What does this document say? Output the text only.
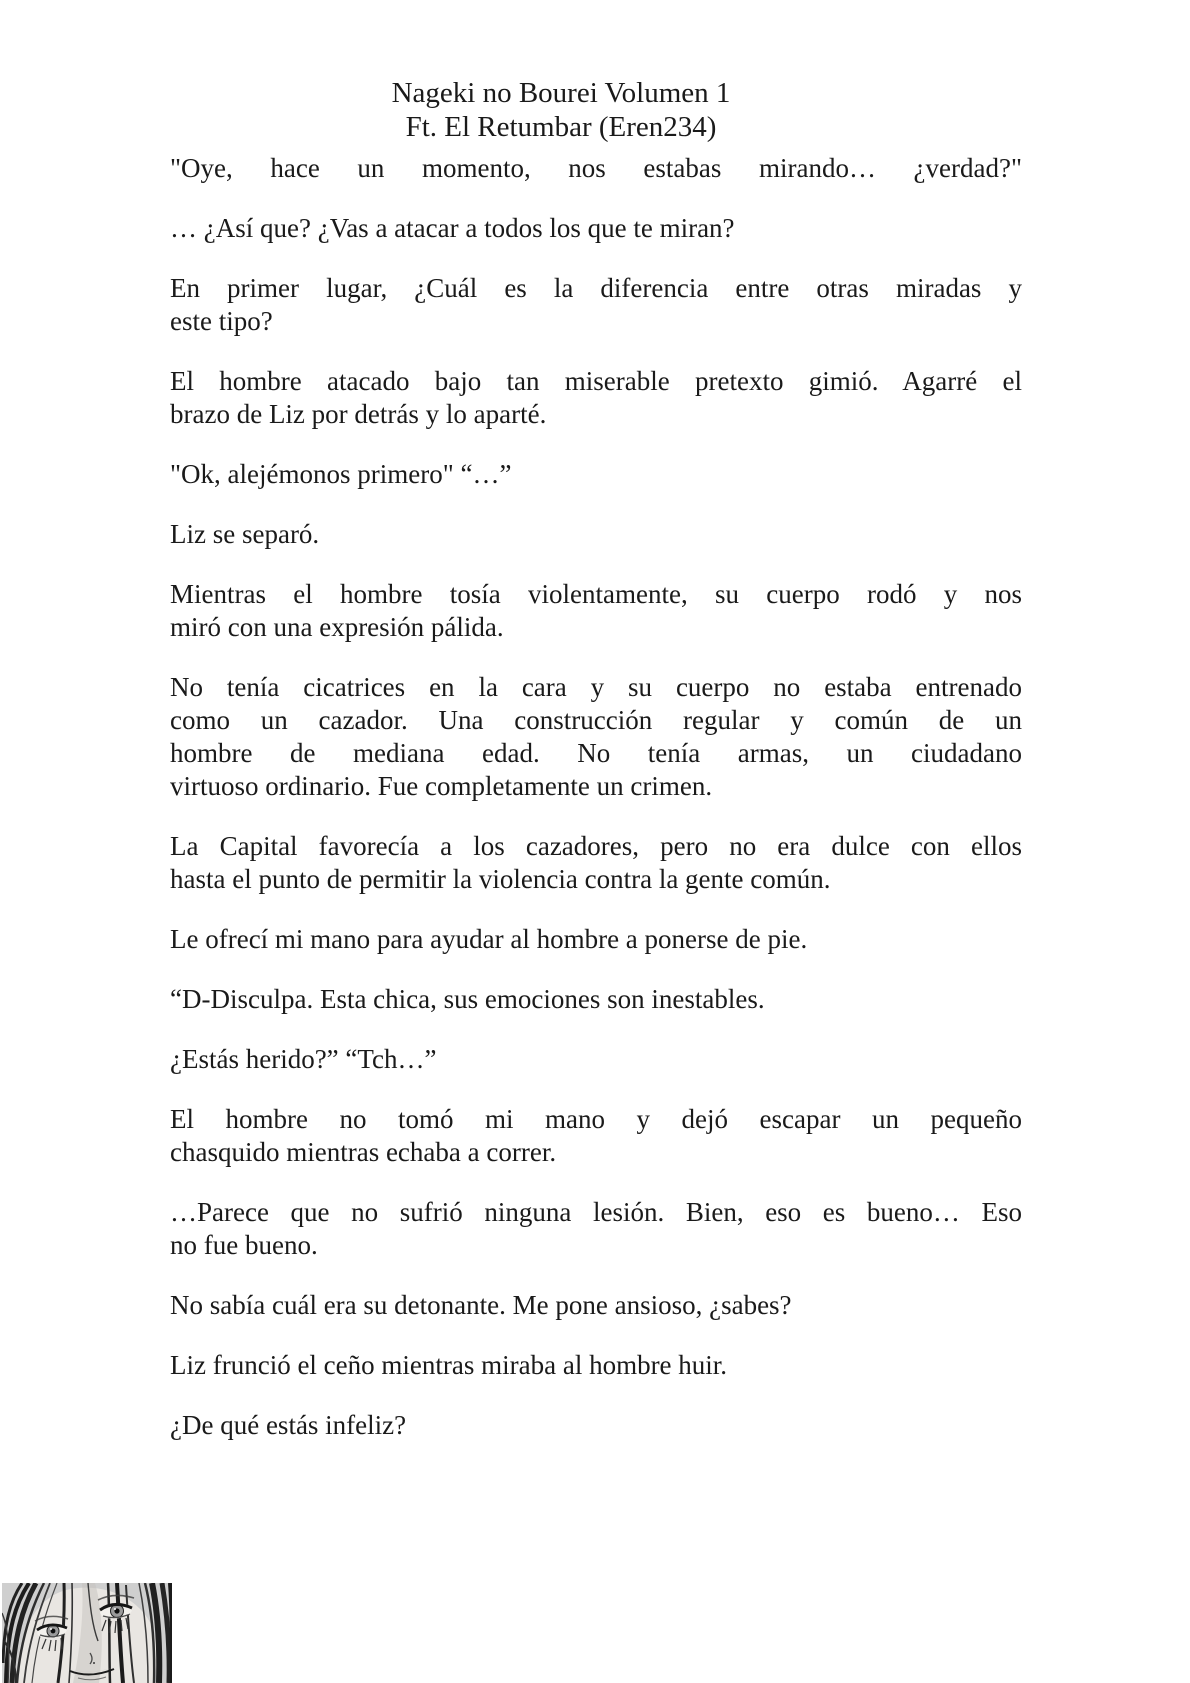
Nageki no Bourei Volumen 1
Ft. El Retumbar (Eren234)

"Oye, hace un momento, nos estabas mirando… ¿verdad?"

… ¿Así que? ¿Vas a atacar a todos los que te miran?

En primer lugar, ¿Cuál es la diferencia entre otras miradas y
este tipo?

El hombre atacado bajo tan miserable pretexto gimió. Agarré el
brazo de Liz por detrás y lo aparté.

"Ok, alejémonos primero" “…”

Liz se separó.

Mientras el hombre tosía violentamente, su cuerpo rodó y nos
miró con una expresión pálida.

No tenía cicatrices en la cara y su cuerpo no estaba entrenado
como un cazador. Una construcción regular y común de un
hombre de mediana edad. No tenía armas, un ciudadano
virtuoso ordinario. Fue completamente un crimen.

La Capital favorecía a los cazadores, pero no era dulce con ellos
hasta el punto de permitir la violencia contra la gente común.

Le ofrecí mi mano para ayudar al hombre a ponerse de pie.

“D-Disculpa. Esta chica, sus emociones son inestables.

¿Estás herido?” “Tch…”

El hombre no tomó mi mano y dejó escapar un pequeño
chasquido mientras echaba a correr.

…Parece que no sufrió ninguna lesión. Bien, eso es bueno… Eso
no fue bueno.

No sabía cuál era su detonante. Me pone ansioso, ¿sabes?

Liz frunció el ceño mientras miraba al hombre huir.

¿De qué estás infeliz?
